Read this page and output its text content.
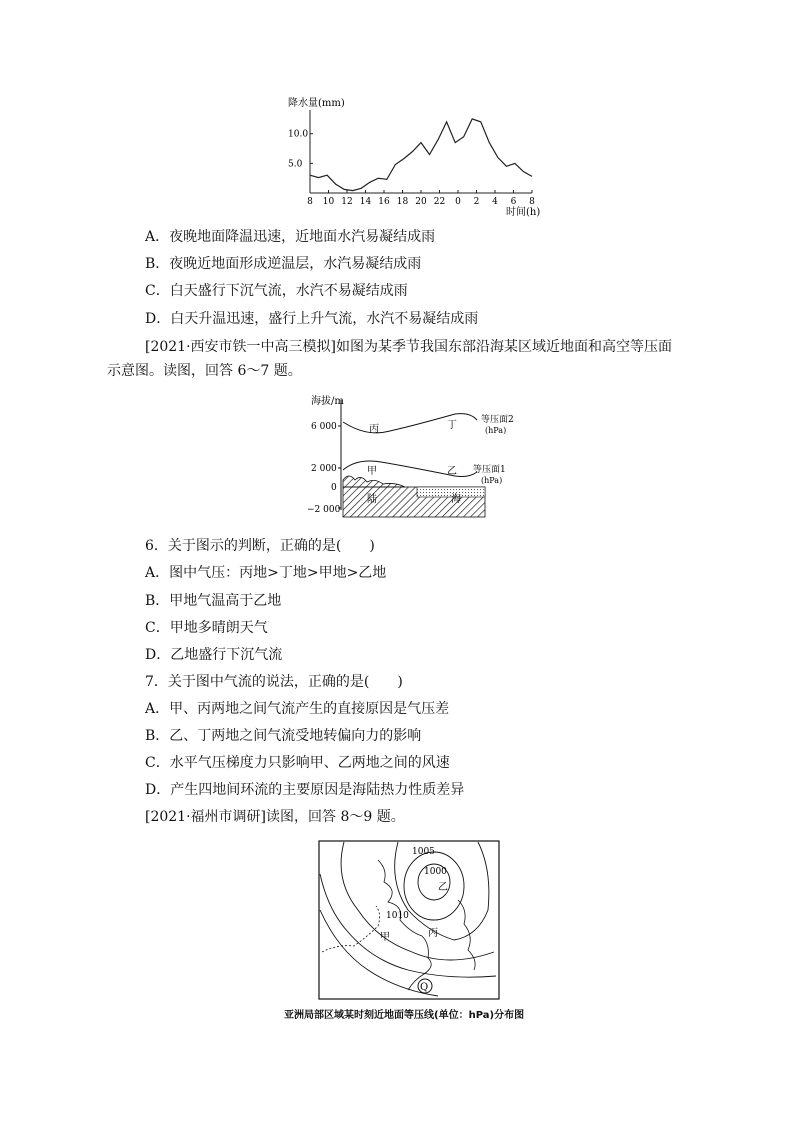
降水量(mm)
5.0
10.0
8 10 12 14 16 18 20 22 0 2 4 6 8
时间(h)
A．夜晚地面降温迅速，近地面水汽易凝结成雨
B．夜晚近地面形成逆温层，水汽易凝结成雨
C．白天盛行下沉气流，水汽不易凝结成雨
D．白天升温迅速，盛行上升气流，水汽不易凝结成雨
[2021·西安市铁一中高三模拟]如图为某季节我国东部沿海某区域近地面和高空等压面
示意图。读图，回答 6～7 题。
海拔/m
6 000
2 000
0
−2 000
陆	海
丙	丁	等压面2
(hPa)
甲	乙 等压面1
(hPa)
6．关于图示的判断，正确的是(　　)
A．图中气压：丙地>丁地>甲地>乙地
B．甲地气温高于乙地
C．甲地多晴朗天气
D．乙地盛行下沉气流
7．关于图中气流的说法，正确的是(　　)
A．甲、丙两地之间气流产生的直接原因是气压差
B．乙、丁两地之间气流受地转偏向力的影响
C．水平气压梯度力只影响甲、乙两地之间的风速
D．产生四地间环流的主要原因是海陆热力性质差异
[2021·福州市调研]读图，回答 8～9 题。
1005
1000
1010
乙
甲	丙
Q
亚洲局部区域某时刻近地面等压线(单位：hPa)分布图
